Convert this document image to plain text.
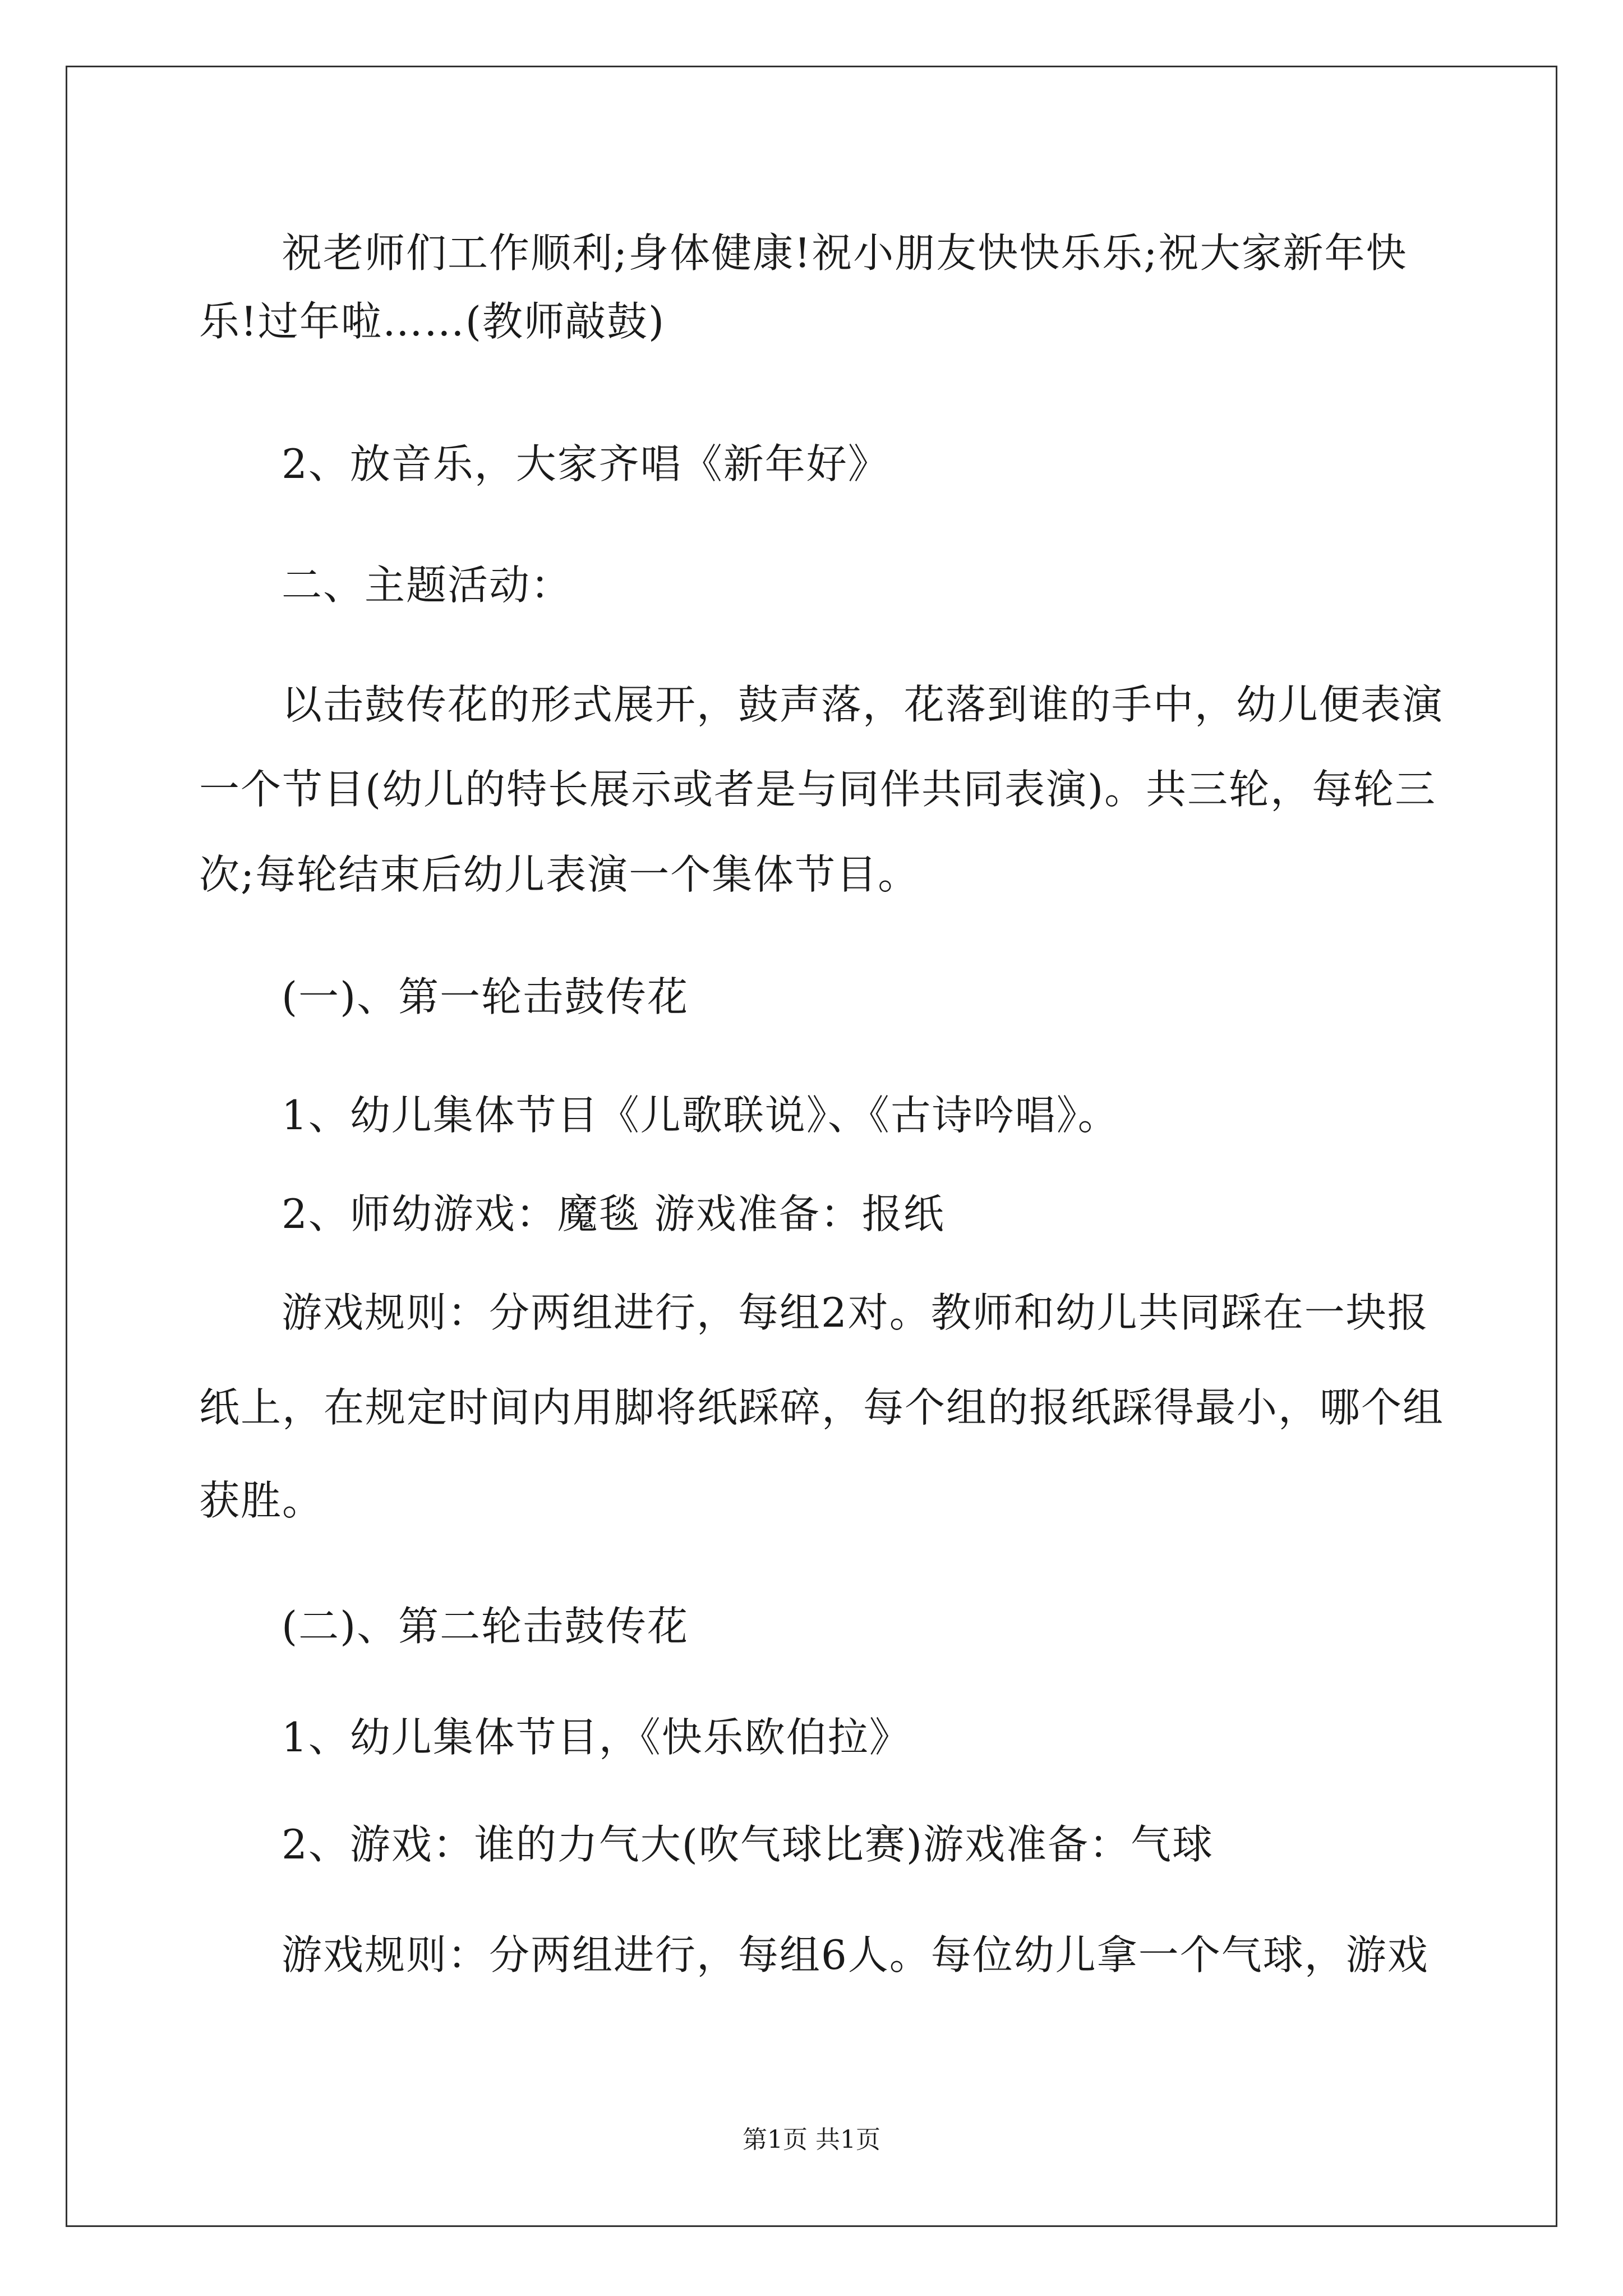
祝老师们工作顺利;身体健康!祝小朋友快快乐乐;祝大家新年快
乐!过年啦……(教师敲鼓)
2、放音乐，大家齐唱《新年好》
二、主题活动：
以击鼓传花的形式展开，鼓声落，花落到谁的手中，幼儿便表演
一个节目(幼儿的特长展示或者是与同伴共同表演)。共三轮，每轮三
次;每轮结束后幼儿表演一个集体节目。
(一)、第一轮击鼓传花
1、幼儿集体节目《儿歌联说》、《古诗吟唱》。
2、师幼游戏：魔毯 游戏准备：报纸
游戏规则：分两组进行，每组2对。教师和幼儿共同踩在一块报
纸上，在规定时间内用脚将纸踩碎，每个组的报纸踩得最小，哪个组
获胜。
(二)、第二轮击鼓传花
1、幼儿集体节目，《快乐欧伯拉》
2、游戏：谁的力气大(吹气球比赛)游戏准备：气球
游戏规则：分两组进行，每组6人。每位幼儿拿一个气球，游戏
第1页 共1页
